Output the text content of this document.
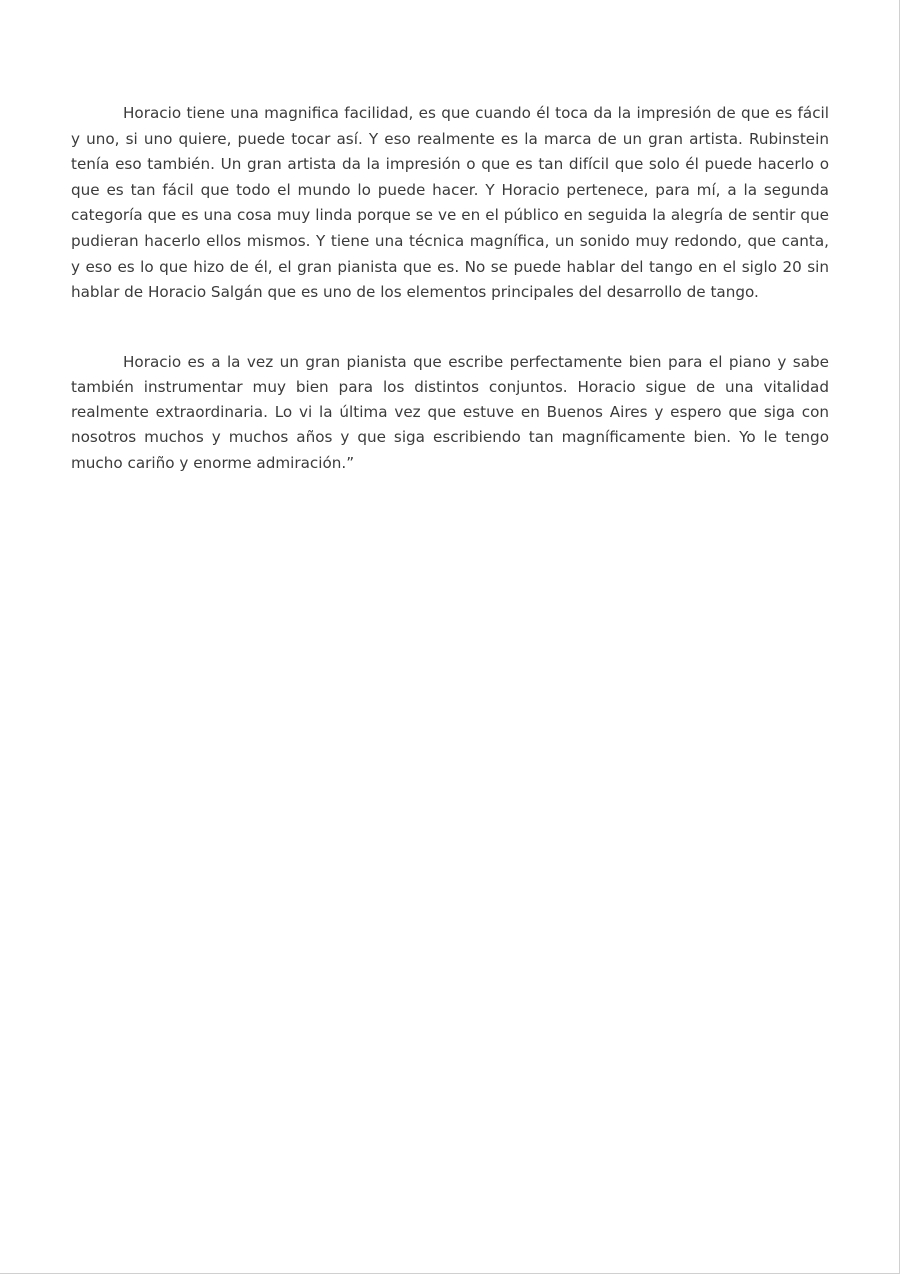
Horacio tiene una magnifica facilidad, es que cuando él toca da la impresión de que es fácil y uno, si uno quiere, puede tocar así. Y eso realmente es la marca de un gran artista. Rubinstein tenía eso también. Un gran artista da la impresión o que es tan difícil que solo él puede hacerlo o que es tan fácil que todo el mundo lo puede hacer. Y Horacio pertenece, para mí, a la segunda categoría que es una cosa muy linda porque se ve en el público en seguida la alegría de sentir que pudieran hacerlo ellos mismos. Y tiene una técnica magnífica, un sonido muy redondo, que canta, y eso es lo que hizo de él, el gran pianista que es. No se puede hablar del tango en el siglo 20 sin hablar de Horacio Salgán que es uno de los elementos principales del desarrollo de tango.

Horacio es a la vez un gran pianista que escribe perfectamente bien para el piano y sabe también instrumentar muy bien para los distintos conjuntos. Horacio sigue de una vitalidad realmente extraordinaria. Lo vi la última vez que estuve en Buenos Aires y espero que siga con nosotros muchos y muchos años y que siga escribiendo tan magníficamente bien. Yo le tengo mucho cariño y enorme admiración.”
